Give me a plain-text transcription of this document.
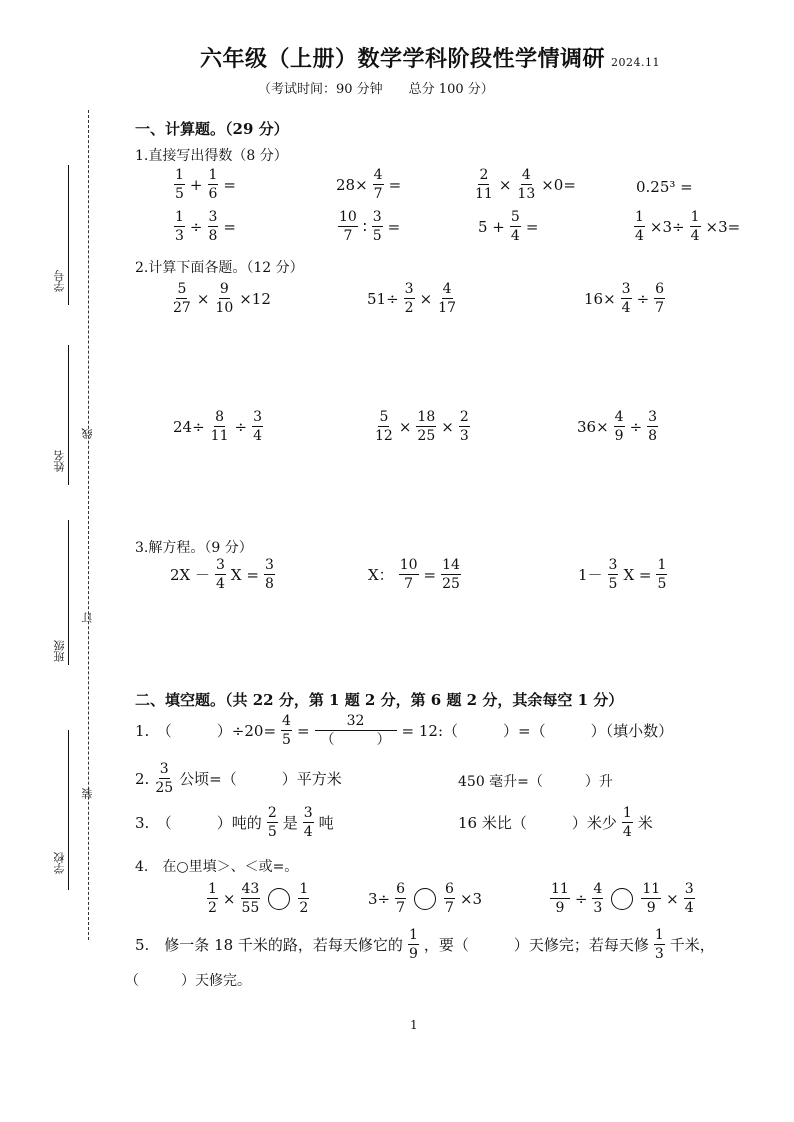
六年级（上册）数学学科阶段性学情调研 2024.11
（考试时间：90 分钟　　总分 100 分）
学号
姓名
线
班级
订
学校
装
一、计算题。（29 分）
1.直接写出得数（8 分）
$\frac{1}{5} + \frac{1}{6}$ =	$28\times \frac{4}{7}$ =	$\frac{2}{11} \times \frac{4}{13} \times 0=$	0.25³ =
$\frac{1}{3} \div \frac{3}{8}$ =	$\frac{10}{7}$ ∶ $\frac{3}{5}$ =	$5 + \frac{5}{4}$ =	$\frac{1}{4} \times 3\div \frac{1}{4} \times 3=$
2.计算下面各题。（12 分）
$\frac{5}{27} \times \frac{9}{10} \times 12$	$51\div \frac{3}{2} \times \frac{4}{17}$	$16\times \frac{3}{4} \div \frac{6}{7}$
$24\div \frac{8}{11} \div \frac{3}{4}$	$\frac{5}{12} \times \frac{18}{25} \times \frac{2}{3}$	$36\times \frac{4}{9} \div \frac{3}{8}$
3.解方程。（9 分）
$2X - \frac{3}{4}$ $X = \frac{3}{8}$	X： $\frac{10}{7} = \frac{14}{25}$	$1- \frac{3}{5}$ $X = \frac{1}{5}$
二、填空题。（共 22 分，第 1 题 2 分，第 6 题 2 分，其余每空 1 分）
1.　（　　　）$\div 20= \frac{4}{5} = \frac{32}{( )}$ = 12:（　　　）=（　　　）（填小数）
2. $\frac{3}{25}$ 公顷=（　　　）平方米	450 毫升=（　　　）升
3.　（　　　）吨的 $\frac{2}{5}$ 是 $\frac{3}{4}$ 吨	16 米比（　　　）米少 $\frac{1}{4}$ 米
4.　在○里填＞、＜或=。
$\frac{1}{2} \times \frac{43}{55}$	$\frac{1}{2}$	$3\div \frac{6}{7}$	$\frac{6}{7} \times 3$	$\frac{11}{9} \div \frac{4}{3}$	$\frac{11}{9} \times \frac{3}{4}$
5.　修一条 18 千米的路，若每天修它的 $\frac{1}{9}$ ，要（　　　）天修完；若每天修 $\frac{1}{3}$ 千米，
（　　　）天修完。
1
